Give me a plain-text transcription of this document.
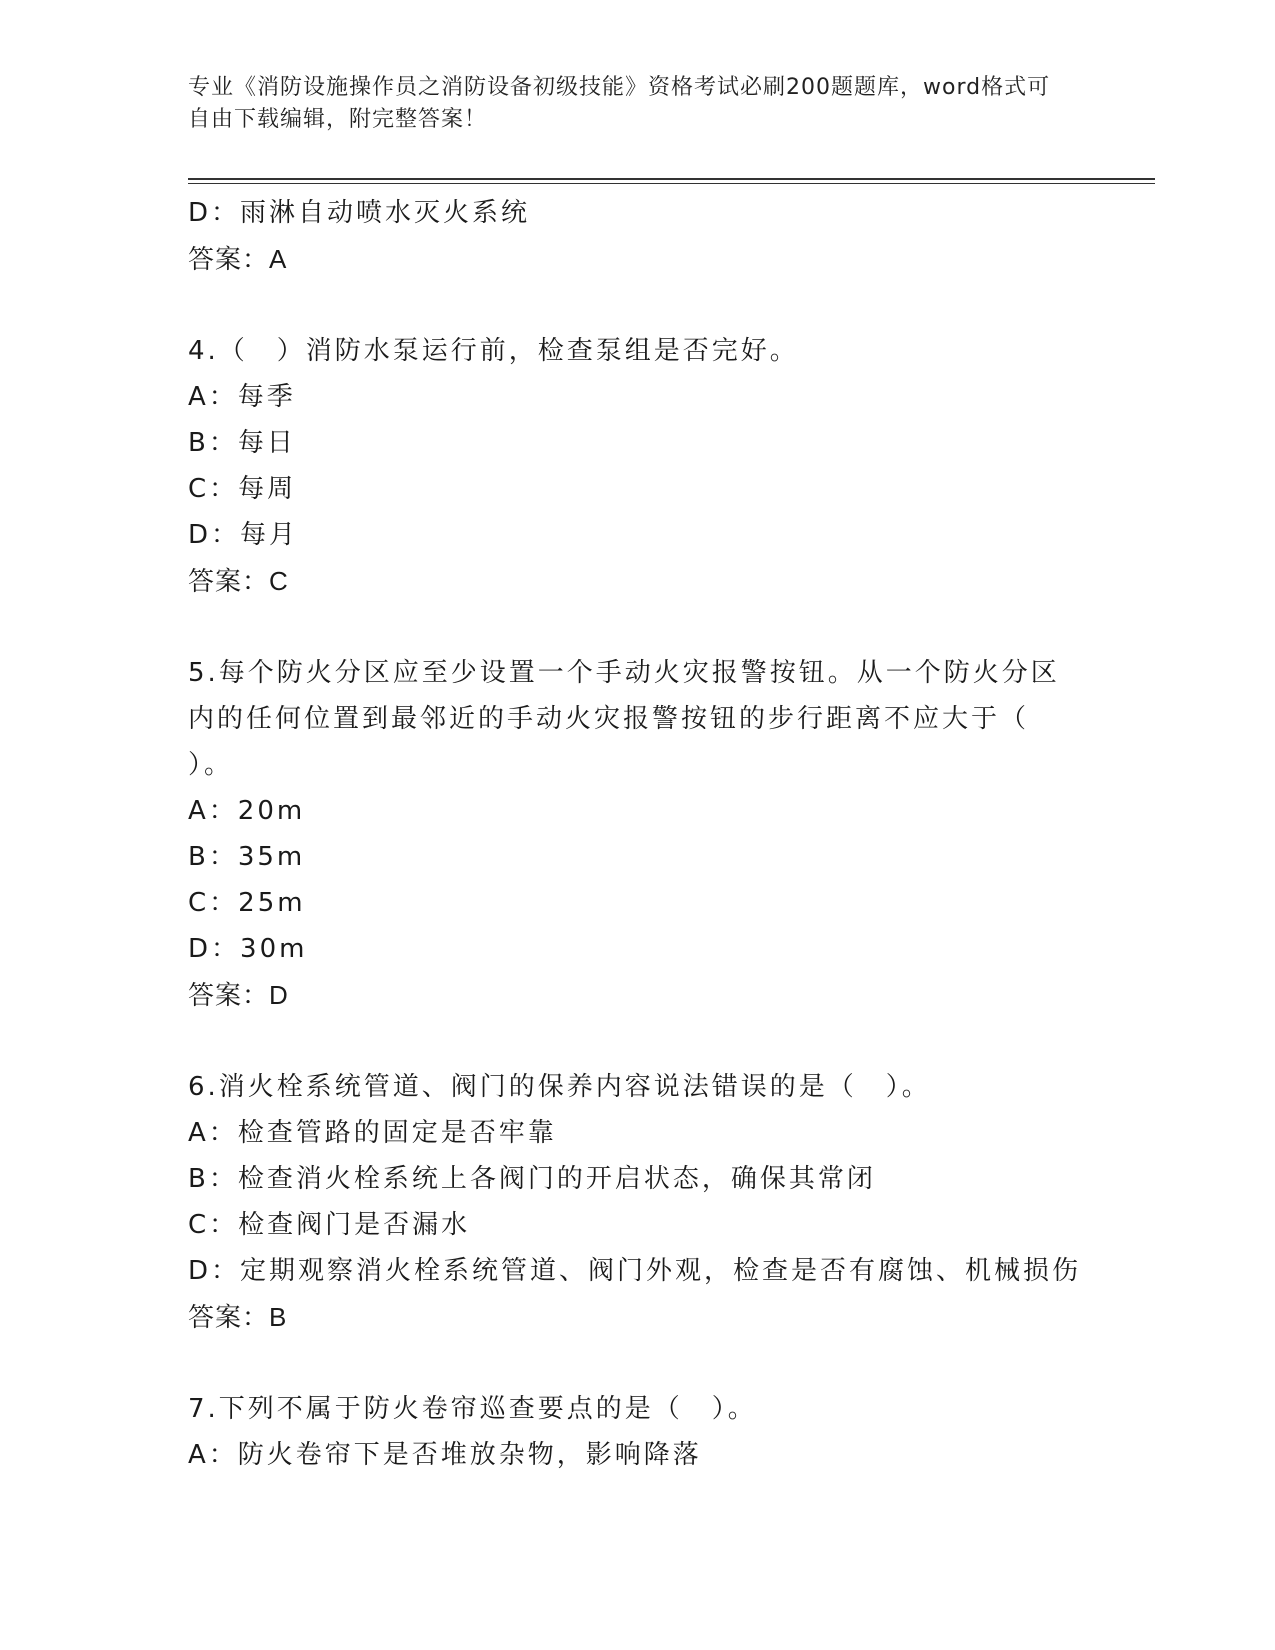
专业《消防设施操作员之消防设备初级技能》资格考试必刷200题题库，word格式可自由下载编辑，附完整答案！
D：雨淋自动喷水灭火系统
答案：A
4.（　）消防水泵运行前，检查泵组是否完好。
A：每季
B：每日
C：每周
D：每月
答案：C
5.每个防火分区应至少设置一个手动火灾报警按钮。从一个防火分区
内的任何位置到最邻近的手动火灾报警按钮的步行距离不应大于（
）。
A：20m
B：35m
C：25m
D：30m
答案：D
6.消火栓系统管道、阀门的保养内容说法错误的是（　）。
A：检查管路的固定是否牢靠
B：检查消火栓系统上各阀门的开启状态，确保其常闭
C：检查阀门是否漏水
D：定期观察消火栓系统管道、阀门外观，检查是否有腐蚀、机械损伤
答案：B
7.下列不属于防火卷帘巡查要点的是（　）。
A：防火卷帘下是否堆放杂物，影响降落
